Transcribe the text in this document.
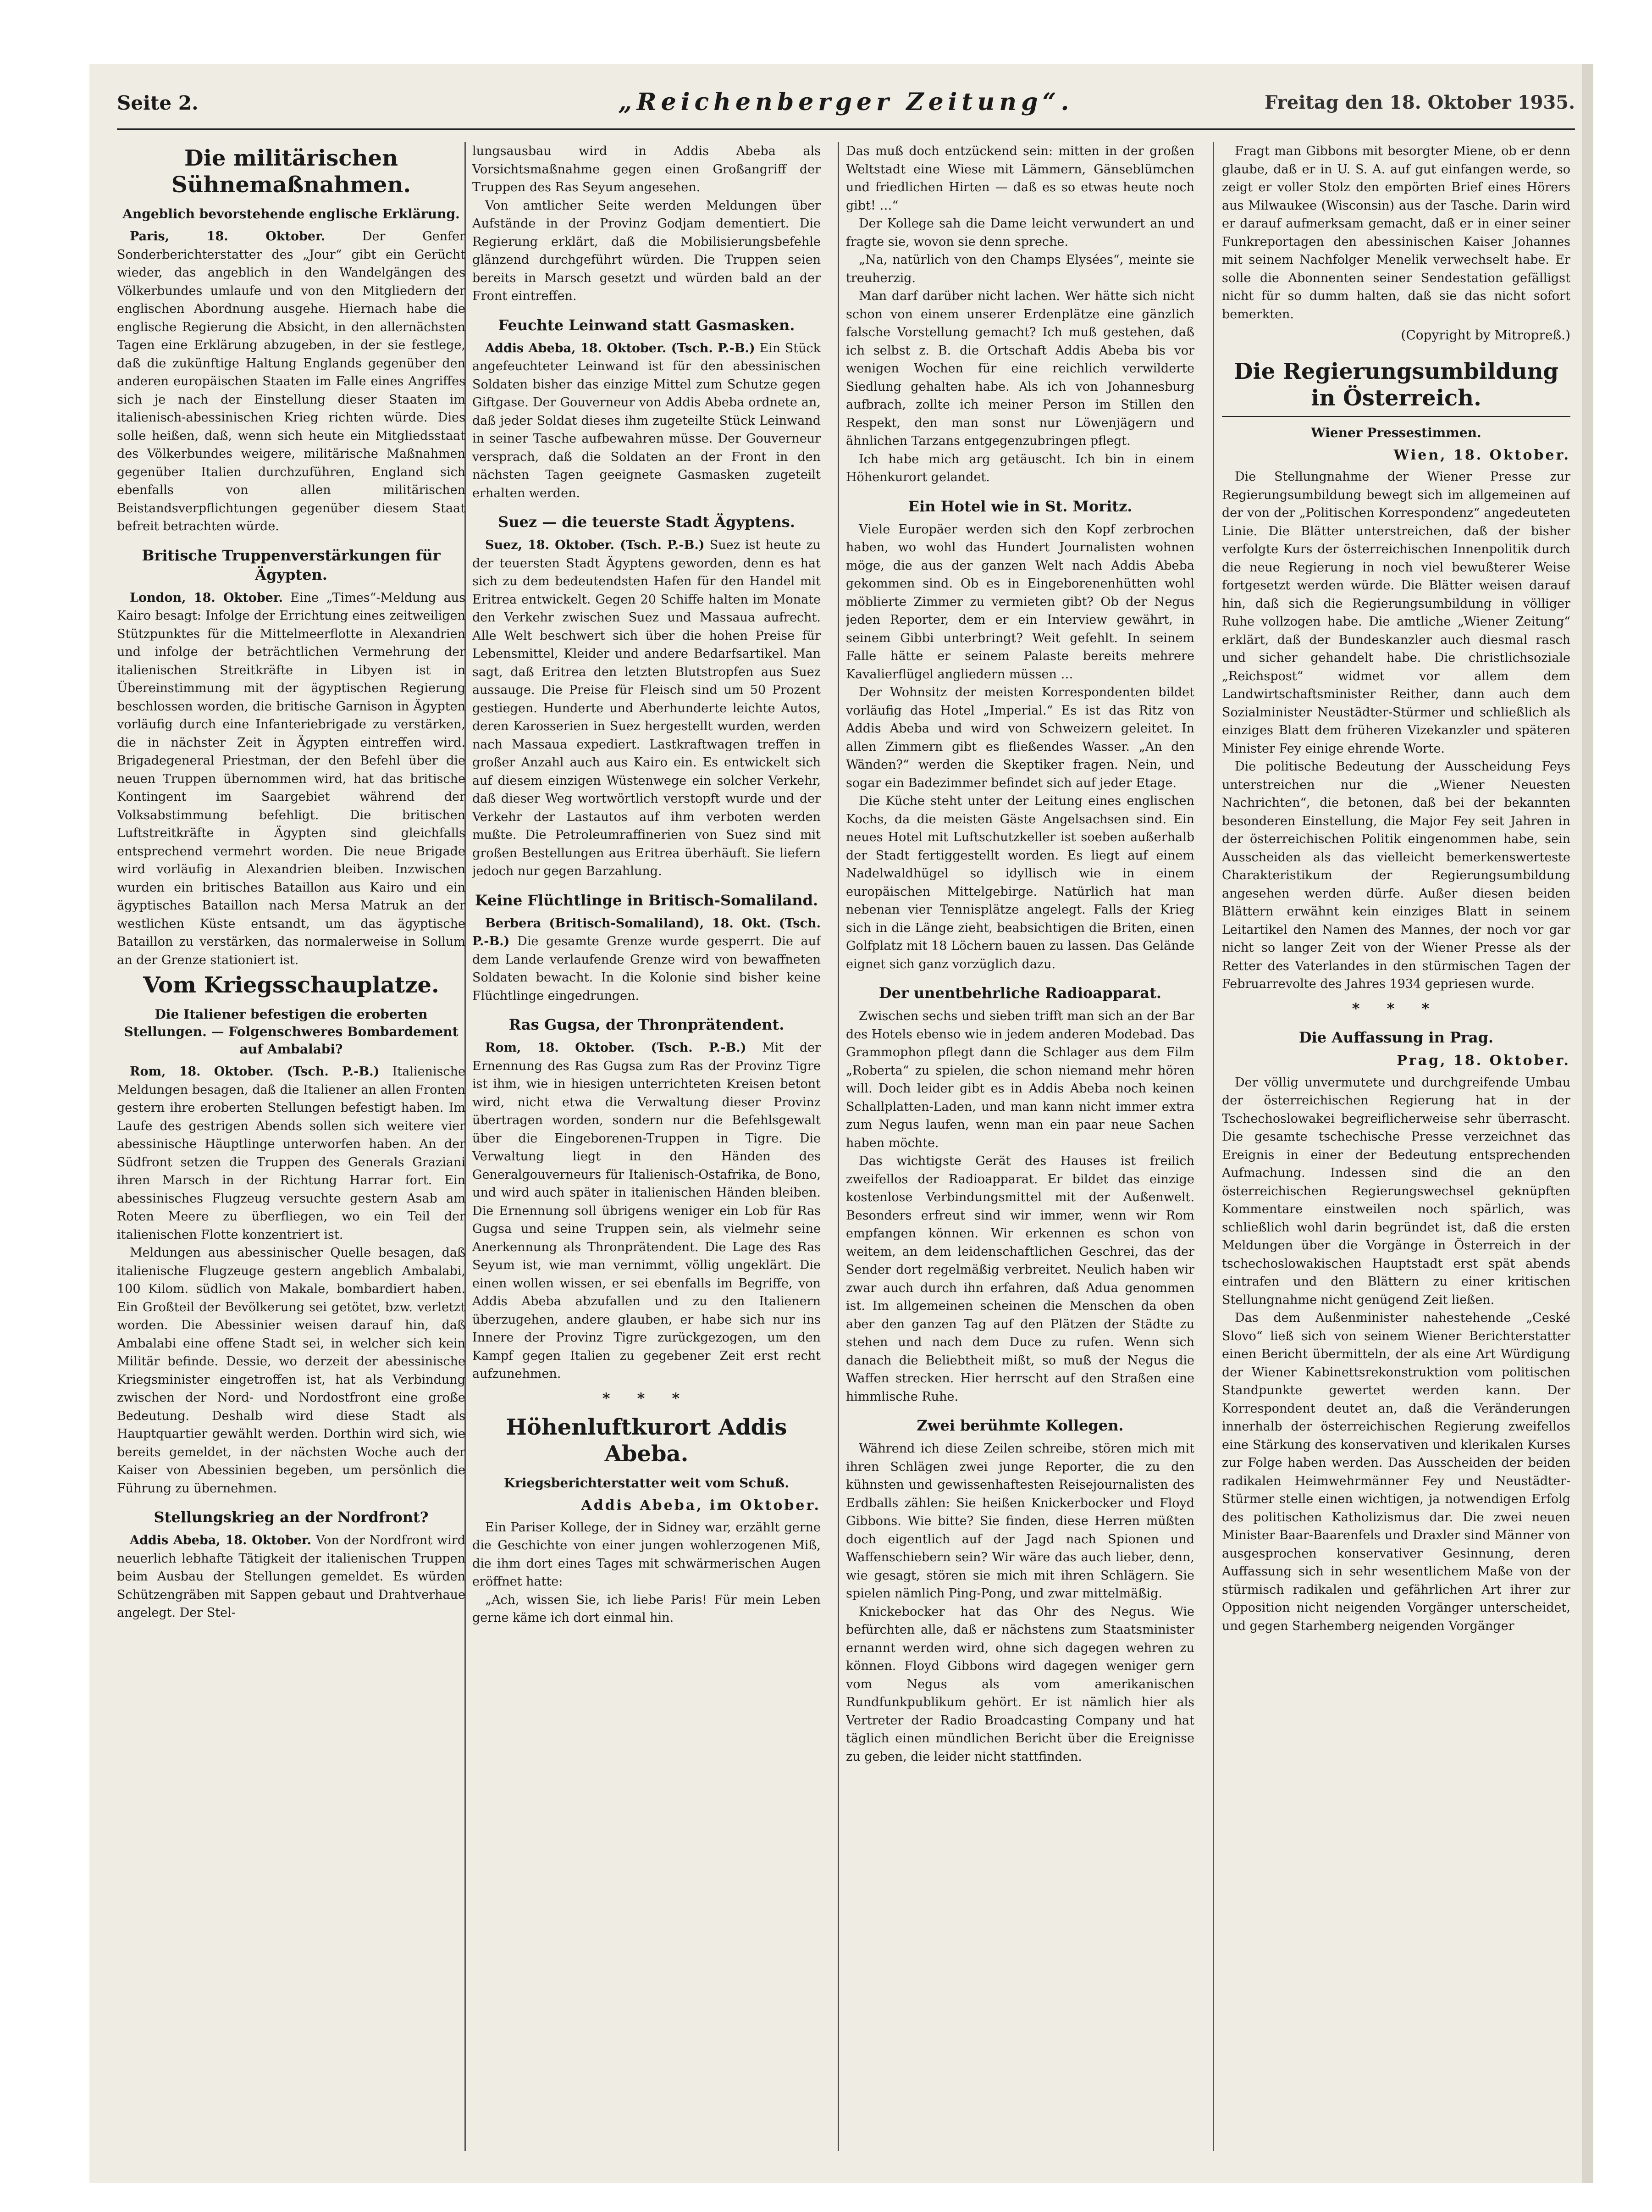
Seite 2.	„Reichenberger Zeitung“.	Freitag den 18. Oktober 1935.
Die militärischen Sühnemaßnahmen.
Angeblich bevorstehende englische Erklärung.

Paris, 18. Oktober. Der Genfer Sonderberichterstatter des „Jour“ gibt ein Gerücht wieder, das angeblich in den Wandelgängen des Völkerbundes umlaufe und von den Mitgliedern der englischen Abordnung ausgehe. Hiernach habe die englische Regierung die Absicht, in den allernächsten Tagen eine Erklärung abzugeben, in der sie festlege, daß die zukünftige Haltung Englands gegenüber den anderen europäischen Staaten im Falle eines Angriffes sich je nach der Einstellung dieser Staaten im italienisch-abessinischen Krieg richten würde. Dies solle heißen, daß, wenn sich heute ein Mitgliedsstaat des Völkerbundes weigere, militärische Maßnahmen gegenüber Italien durchzuführen, England sich ebenfalls von allen militärischen Beistandsverpflichtungen gegenüber diesem Staat befreit betrachten würde.

Britische Truppenverstärkungen für Ägypten.

London, 18. Oktober. Eine „Times“-Meldung aus Kairo besagt: Infolge der Errichtung eines zeitweiligen Stützpunktes für die Mittelmeerflotte in Alexandrien und infolge der beträchtlichen Vermehrung der italienischen Streitkräfte in Libyen ist in Übereinstimmung mit der ägyptischen Regierung beschlossen worden, die britische Garnison in Ägypten vorläufig durch eine Infanteriebrigade zu verstärken, die in nächster Zeit in Ägypten eintreffen wird. Brigadegeneral Priestman, der den Befehl über die neuen Truppen übernommen wird, hat das britische Kontingent im Saargebiet während der Volksabstimmung befehligt. Die britischen Luftstreitkräfte in Ägypten sind gleichfalls entsprechend vermehrt worden. Die neue Brigade wird vorläufig in Alexandrien bleiben. Inzwischen wurden ein britisches Bataillon aus Kairo und ein ägyptisches Bataillon nach Mersa Matruk an der westlichen Küste entsandt, um das ägyptische Bataillon zu verstärken, das normalerweise in Sollum an der Grenze stationiert ist.

Vom Kriegsschauplatze.
Die Italiener befestigen die eroberten Stellungen. — Folgenschweres Bombardement auf Ambalabi?

Rom, 18. Oktober. (Tsch. P.-B.) Italienische Meldungen besagen, daß die Italiener an allen Fronten gestern ihre eroberten Stellungen befestigt haben. Im Laufe des gestrigen Abends sollen sich weitere vier abessinische Häuptlinge unterworfen haben. An der Südfront setzen die Truppen des Generals Graziani ihren Marsch in der Richtung Harrar fort. Ein abessinisches Flugzeug versuchte gestern Asab am Roten Meere zu überfliegen, wo ein Teil der italienischen Flotte konzentriert ist.

Meldungen aus abessinischer Quelle besagen, daß italienische Flugzeuge gestern angeblich Ambalabi, 100 Kilom. südlich von Makale, bombardiert haben. Ein Großteil der Bevölkerung sei getötet, bzw. verletzt worden. Die Abessinier weisen darauf hin, daß Ambalabi eine offene Stadt sei, in welcher sich kein Militär befinde. Dessie, wo derzeit der abessinische Kriegsminister eingetroffen ist, hat als Verbindung zwischen der Nord- und Nordostfront eine große Bedeutung. Deshalb wird diese Stadt als Hauptquartier gewählt werden. Dorthin wird sich, wie bereits gemeldet, in der nächsten Woche auch der Kaiser von Abessinien begeben, um persönlich die Führung zu übernehmen.

Stellungskrieg an der Nordfront?

Addis Abeba, 18. Oktober. Von der Nordfront wird neuerlich lebhafte Tätigkeit der italienischen Truppen beim Ausbau der Stellungen gemeldet. Es würden Schützengräben mit Sappen gebaut und Drahtverhaue angelegt. Der Stel-

lungsausbau wird in Addis Abeba als Vorsichtsmaßnahme gegen einen Großangriff der Truppen des Ras Seyum angesehen.

Von amtlicher Seite werden Meldungen über Aufstände in der Provinz Godjam dementiert. Die Regierung erklärt, daß die Mobilisierungsbefehle glänzend durchgeführt würden. Die Truppen seien bereits in Marsch gesetzt und würden bald an der Front eintreffen.

Feuchte Leinwand statt Gasmasken.

Addis Abeba, 18. Oktober. (Tsch. P.-B.) Ein Stück angefeuchteter Leinwand ist für den abessinischen Soldaten bisher das einzige Mittel zum Schutze gegen Giftgase. Der Gouverneur von Addis Abeba ordnete an, daß jeder Soldat dieses ihm zugeteilte Stück Leinwand in seiner Tasche aufbewahren müsse. Der Gouverneur versprach, daß die Soldaten an der Front in den nächsten Tagen geeignete Gasmasken zugeteilt erhalten werden.

Suez — die teuerste Stadt Ägyptens.

Suez, 18. Oktober. (Tsch. P.-B.) Suez ist heute zu der teuersten Stadt Ägyptens geworden, denn es hat sich zu dem bedeutendsten Hafen für den Handel mit Eritrea entwickelt. Gegen 20 Schiffe halten im Monate den Verkehr zwischen Suez und Massaua aufrecht. Alle Welt beschwert sich über die hohen Preise für Lebensmittel, Kleider und andere Bedarfsartikel. Man sagt, daß Eritrea den letzten Blutstropfen aus Suez aussauge. Die Preise für Fleisch sind um 50 Prozent gestiegen. Hunderte und Aberhunderte leichte Autos, deren Karosserien in Suez hergestellt wurden, werden nach Massaua expediert. Lastkraftwagen treffen in großer Anzahl auch aus Kairo ein. Es entwickelt sich auf diesem einzigen Wüstenwege ein solcher Verkehr, daß dieser Weg wortwörtlich verstopft wurde und der Verkehr der Lastautos auf ihm verboten werden mußte. Die Petroleumraffinerien von Suez sind mit großen Bestellungen aus Eritrea überhäuft. Sie liefern jedoch nur gegen Barzahlung.

Keine Flüchtlinge in Britisch-Somaliland.

Berbera (Britisch-Somaliland), 18. Okt. (Tsch. P.-B.) Die gesamte Grenze wurde gesperrt. Die auf dem Lande verlaufende Grenze wird von bewaffneten Soldaten bewacht. In die Kolonie sind bisher keine Flüchtlinge eingedrungen.

Ras Gugsa, der Thronprätendent.

Rom, 18. Oktober. (Tsch. P.-B.) Mit der Ernennung des Ras Gugsa zum Ras der Provinz Tigre ist ihm, wie in hiesigen unterrichteten Kreisen betont wird, nicht etwa die Verwaltung dieser Provinz übertragen worden, sondern nur die Befehlsgewalt über die Eingeborenen-Truppen in Tigre. Die Verwaltung liegt in den Händen des Generalgouverneurs für Italienisch-Ostafrika, de Bono, und wird auch später in italienischen Händen bleiben. Die Ernennung soll übrigens weniger ein Lob für Ras Gugsa und seine Truppen sein, als vielmehr seine Anerkennung als Thronprätendent. Die Lage des Ras Seyum ist, wie man vernimmt, völlig ungeklärt. Die einen wollen wissen, er sei ebenfalls im Begriffe, von Addis Abeba abzufallen und zu den Italienern überzugehen, andere glauben, er habe sich nur ins Innere der Provinz Tigre zurückgezogen, um den Kampf gegen Italien zu gegebener Zeit erst recht aufzunehmen.

* * *
Höhenluftkurort Addis Abeba.
Kriegsberichterstatter weit vom Schuß.
Addis Abeba, im Oktober.

Ein Pariser Kollege, der in Sidney war, erzählt gerne die Geschichte von einer jungen wohlerzogenen Miß, die ihm dort eines Tages mit schwärmerischen Augen eröffnet hatte:

„Ach, wissen Sie, ich liebe Paris! Für mein Leben gerne käme ich dort einmal hin.

Das muß doch entzückend sein: mitten in der großen Weltstadt eine Wiese mit Lämmern, Gänseblümchen und friedlichen Hirten — daß es so etwas heute noch gibt! …“

Der Kollege sah die Dame leicht verwundert an und fragte sie, wovon sie denn spreche.

„Na, natürlich von den Champs Elysées“, meinte sie treuherzig.

Man darf darüber nicht lachen. Wer hätte sich nicht schon von einem unserer Erdenplätze eine gänzlich falsche Vorstellung gemacht? Ich muß gestehen, daß ich selbst z. B. die Ortschaft Addis Abeba bis vor wenigen Wochen für eine reichlich verwilderte Siedlung gehalten habe. Als ich von Johannesburg aufbrach, zollte ich meiner Person im Stillen den Respekt, den man sonst nur Löwenjägern und ähnlichen Tarzans entgegenzubringen pflegt.

Ich habe mich arg getäuscht. Ich bin in einem Höhenkurort gelandet.

Ein Hotel wie in St. Moritz.

Viele Europäer werden sich den Kopf zerbrochen haben, wo wohl das Hundert Journalisten wohnen möge, die aus der ganzen Welt nach Addis Abeba gekommen sind. Ob es in Eingeborenenhütten wohl möblierte Zimmer zu vermieten gibt? Ob der Negus jeden Reporter, dem er ein Interview gewährt, in seinem Gibbi unterbringt? Weit gefehlt. In seinem Falle hätte er seinem Palaste bereits mehrere Kavalierflügel angliedern müssen …

Der Wohnsitz der meisten Korrespondenten bildet vorläufig das Hotel „Imperial.“ Es ist das Ritz von Addis Abeba und wird von Schweizern geleitet. In allen Zimmern gibt es fließendes Wasser. „An den Wänden?“ werden die Skeptiker fragen. Nein, und sogar ein Badezimmer befindet sich auf jeder Etage.

Die Küche steht unter der Leitung eines englischen Kochs, da die meisten Gäste Angelsachsen sind. Ein neues Hotel mit Luftschutzkeller ist soeben außerhalb der Stadt fertiggestellt worden. Es liegt auf einem Nadelwaldhügel so idyllisch wie in einem europäischen Mittelgebirge. Natürlich hat man nebenan vier Tennisplätze angelegt. Falls der Krieg sich in die Länge zieht, beabsichtigen die Briten, einen Golfplatz mit 18 Löchern bauen zu lassen. Das Gelände eignet sich ganz vorzüglich dazu.

Der unentbehrliche Radioapparat.

Zwischen sechs und sieben trifft man sich an der Bar des Hotels ebenso wie in jedem anderen Modebad. Das Grammophon pflegt dann die Schlager aus dem Film „Roberta“ zu spielen, die schon niemand mehr hören will. Doch leider gibt es in Addis Abeba noch keinen Schallplatten-Laden, und man kann nicht immer extra zum Negus laufen, wenn man ein paar neue Sachen haben möchte.

Das wichtigste Gerät des Hauses ist freilich zweifellos der Radioapparat. Er bildet das einzige kostenlose Verbindungsmittel mit der Außenwelt. Besonders erfreut sind wir immer, wenn wir Rom empfangen können. Wir erkennen es schon von weitem, an dem leidenschaftlichen Geschrei, das der Sender dort regelmäßig verbreitet. Neulich haben wir zwar auch durch ihn erfahren, daß Adua genommen ist. Im allgemeinen scheinen die Menschen da oben aber den ganzen Tag auf den Plätzen der Städte zu stehen und nach dem Duce zu rufen. Wenn sich danach die Beliebtheit mißt, so muß der Negus die Waffen strecken. Hier herrscht auf den Straßen eine himmlische Ruhe.

Zwei berühmte Kollegen.

Während ich diese Zeilen schreibe, stören mich mit ihren Schlägen zwei junge Reporter, die zu den kühnsten und gewissenhaftesten Reisejournalisten des Erdballs zählen: Sie heißen Knickerbocker und Floyd Gibbons. Wie bitte? Sie finden, diese Herren müßten doch eigentlich auf der Jagd nach Spionen und Waffenschiebern sein? Wir wäre das auch lieber, denn, wie gesagt, stören sie mich mit ihren Schlägern. Sie spielen nämlich Ping-Pong, und zwar mittelmäßig.

Knickebocker hat das Ohr des Negus. Wie befürchten alle, daß er nächstens zum Staatsminister ernannt werden wird, ohne sich dagegen wehren zu können. Floyd Gibbons wird dagegen weniger gern vom Negus als vom amerikanischen Rundfunkpublikum gehört. Er ist nämlich hier als Vertreter der Radio Broadcasting Company und hat täglich einen mündlichen Bericht über die Ereignisse zu geben, die leider nicht stattfinden.

Fragt man Gibbons mit besorgter Miene, ob er denn glaube, daß er in U. S. A. auf gut einfangen werde, so zeigt er voller Stolz den empörten Brief eines Hörers aus Milwaukee (Wisconsin) aus der Tasche. Darin wird er darauf aufmerksam gemacht, daß er in einer seiner Funkreportagen den abessinischen Kaiser Johannes mit seinem Nachfolger Menelik verwechselt habe. Er solle die Abonnenten seiner Sendestation gefälligst nicht für so dumm halten, daß sie das nicht sofort bemerkten.

(Copyright by Mitropreß.)
Die Regierungsumbildung in Österreich.
Wiener Pressestimmen.
Wien, 18. Oktober.

Die Stellungnahme der Wiener Presse zur Regierungsumbildung bewegt sich im allgemeinen auf der von der „Politischen Korrespondenz“ angedeuteten Linie. Die Blätter unterstreichen, daß der bisher verfolgte Kurs der österreichischen Innenpolitik durch die neue Regierung in noch viel bewußterer Weise fortgesetzt werden würde. Die Blätter weisen darauf hin, daß sich die Regierungsumbildung in völliger Ruhe vollzogen habe. Die amtliche „Wiener Zeitung“ erklärt, daß der Bundeskanzler auch diesmal rasch und sicher gehandelt habe. Die christlichsoziale „Reichspost“ widmet vor allem dem Landwirtschaftsminister Reither, dann auch dem Sozialminister Neustädter-Stürmer und schließlich als einziges Blatt dem früheren Vizekanzler und späteren Minister Fey einige ehrende Worte.

Die politische Bedeutung der Ausscheidung Feys unterstreichen nur die „Wiener Neuesten Nachrichten“, die betonen, daß bei der bekannten besonderen Einstellung, die Major Fey seit Jahren in der österreichischen Politik eingenommen habe, sein Ausscheiden als das vielleicht bemerkenswerteste Charakteristikum der Regierungsumbildung angesehen werden dürfe. Außer diesen beiden Blättern erwähnt kein einziges Blatt in seinem Leitartikel den Namen des Mannes, der noch vor gar nicht so langer Zeit von der Wiener Presse als der Retter des Vaterlandes in den stürmischen Tagen der Februarrevolte des Jahres 1934 gepriesen wurde.

* * *
Die Auffassung in Prag.
Prag, 18. Oktober.

Der völlig unvermutete und durchgreifende Umbau der österreichischen Regierung hat in der Tschechoslowakei begreiflicherweise sehr überrascht. Die gesamte tschechische Presse verzeichnet das Ereignis in einer der Bedeutung entsprechenden Aufmachung. Indessen sind die an den österreichischen Regierungswechsel geknüpften Kommentare einstweilen noch spärlich, was schließlich wohl darin begründet ist, daß die ersten Meldungen über die Vorgänge in Österreich in der tschechoslowakischen Hauptstadt erst spät abends eintrafen und den Blättern zu einer kritischen Stellungnahme nicht genügend Zeit ließen.

Das dem Außenminister nahestehende „Ceské Slovo“ ließ sich von seinem Wiener Berichterstatter einen Bericht übermitteln, der als eine Art Würdigung der Wiener Kabinettsrekonstruktion vom politischen Standpunkte gewertet werden kann. Der Korrespondent deutet an, daß die Veränderungen innerhalb der österreichischen Regierung zweifellos eine Stärkung des konservativen und klerikalen Kurses zur Folge haben werden. Das Ausscheiden der beiden radikalen Heimwehrmänner Fey und Neustädter-Stürmer stelle einen wichtigen, ja notwendigen Erfolg des politischen Katholizismus dar. Die zwei neuen Minister Baar-Baarenfels und Draxler sind Männer von ausgesprochen konservativer Gesinnung, deren Auffassung sich in sehr wesentlichem Maße von der stürmisch radikalen und gefährlichen Art ihrer zur Opposition nicht neigenden Vorgänger unterscheidet, und gegen Starhemberg neigenden Vorgänger
